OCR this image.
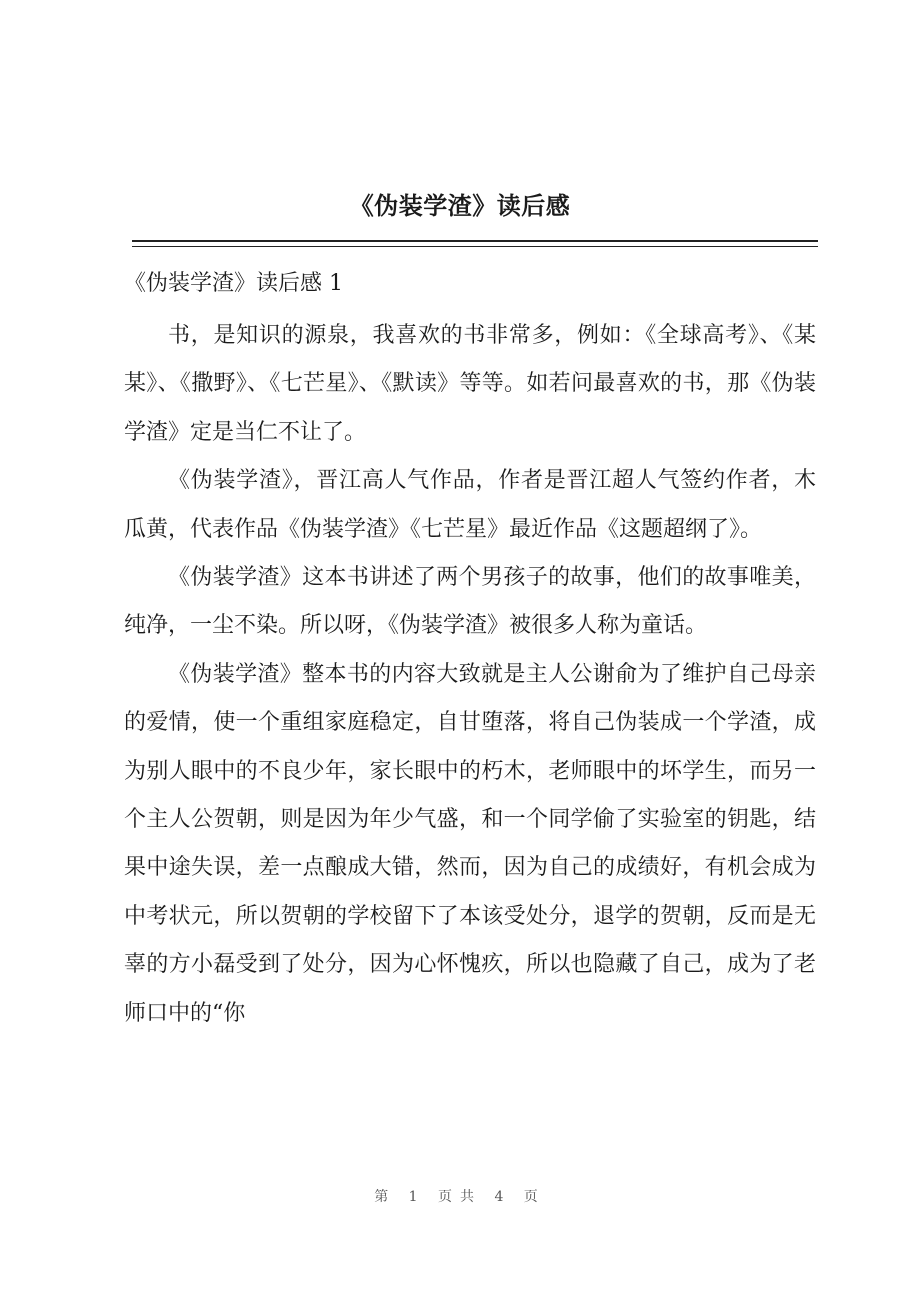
《伪装学渣》读后感
《伪装学渣》读后感 1

书，是知识的源泉，我喜欢的书非常多，例如：《全球高考》、《某某》、《撒野》、《七芒星》、《默读》等等。如若问最喜欢的书，那《伪装学渣》定是当仁不让了。

《伪装学渣》，晋江高人气作品，作者是晋江超人气签约作者，木瓜黄，代表作品《伪装学渣》《七芒星》最近作品《这题超纲了》。

《伪装学渣》这本书讲述了两个男孩子的故事，他们的故事唯美，纯净，一尘不染。所以呀，《伪装学渣》被很多人称为童话。

《伪装学渣》整本书的内容大致就是主人公谢俞为了维护自己母亲的爱情，使一个重组家庭稳定，自甘堕落，将自己伪装成一个学渣，成为别人眼中的不良少年，家长眼中的朽木，老师眼中的坏学生，而另一个主人公贺朝，则是因为年少气盛，和一个同学偷了实验室的钥匙，结果中途失误，差一点酿成大错，然而，因为自己的成绩好，有机会成为中考状元，所以贺朝的学校留下了本该受处分，退学的贺朝，反而是无辜的方小磊受到了处分，因为心怀愧疚，所以也隐藏了自己，成为了老师口中的“你

第 1 页共 4 页
